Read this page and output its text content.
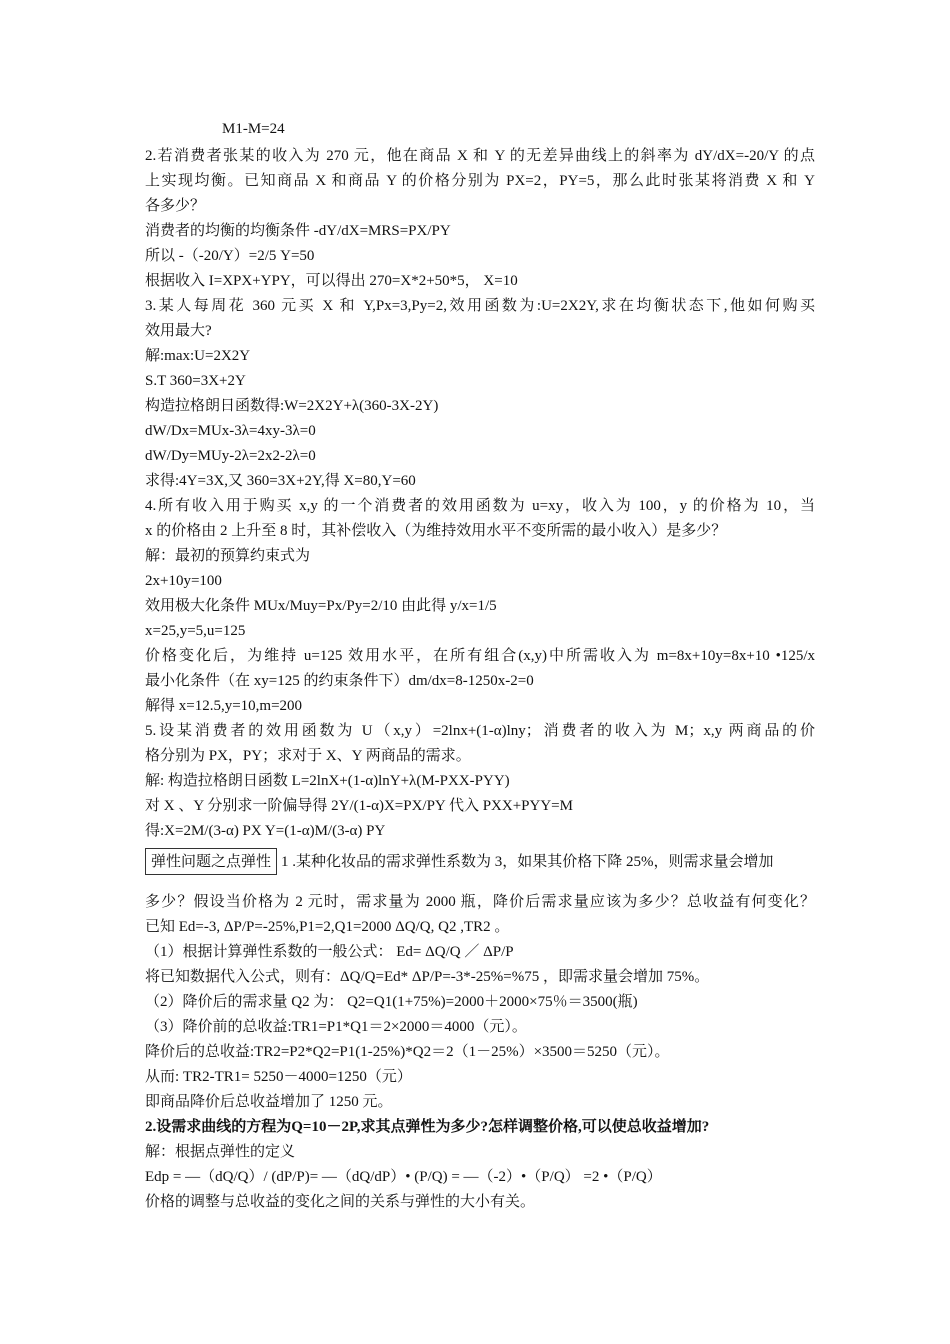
M1-M=24
2.若消费者张某的收入为 270 元，他在商品 X 和 Y 的无差异曲线上的斜率为 dY/dX=-20/Y 的点
上实现均衡。已知商品 X 和商品 Y 的价格分别为 PX=2，PY=5，那么此时张某将消费 X 和 Y
各多少？
消费者的均衡的均衡条件 -dY/dX=MRS=PX/PY
所以 -（-20/Y）=2/5 Y=50
根据收入 I=XPX+YPY，可以得出 270=X*2+50*5， X=10
3.某人每周花 360 元买 X 和 Y,Px=3,Py=2,效用函数为:U=2X2Y,求在均衡状态下,他如何购买
效用最大?
解:max:U=2X2Y
S.T 360=3X+2Y
构造拉格朗日函数得:W=2X2Y+λ(360-3X-2Y)
dW/Dx=MUx-3λ=4xy-3λ=0
dW/Dy=MUy-2λ=2x2-2λ=0
求得:4Y=3X,又 360=3X+2Y,得 X=80,Y=60
4.所有收入用于购买 x,y 的一个消费者的效用函数为 u=xy，收入为 100，y 的价格为 10，当
x 的价格由 2 上升至 8 时，其补偿收入（为维持效用水平不变所需的最小收入）是多少？
解：最初的预算约束式为
2x+10y=100
效用极大化条件 MUx/Muy=Px/Py=2/10 由此得 y/x=1/5
x=25,y=5,u=125
价格变化后，为维持 u=125 效用水平，在所有组合(x,y)中所需收入为 m=8x+10y=8x+10 •125/x
最小化条件（在 xy=125 的约束条件下）dm/dx=8-1250x-2=0
解得 x=12.5,y=10,m=200
5.设某消费者的效用函数为 U（x,y）=2lnx+(1-α)lny；消费者的收入为 M；x,y 两商品的价
格分别为 PX，PY；求对于 X、Y 两商品的需求。
解: 构造拉格朗日函数 L=2lnX+(1-α)lnY+λ(M-PXX-PYY)
对 X 、Y 分别求一阶偏导得 2Y/(1-α)X=PX/PY 代入 PXX+PYY=M
得:X=2M/(3-α) PX Y=(1-α)M/(3-α) PY
弹性问题之点弹性 1 .某种化妆品的需求弹性系数为 3，如果其价格下降 25%，则需求量会增加
多少？假设当价格为 2 元时，需求量为 2000 瓶，降价后需求量应该为多少？总收益有何变化？
已知 Ed=-3, ΔP/P=-25%,P1=2,Q1=2000 ΔQ/Q, Q2 ,TR2 。
（1）根据计算弹性系数的一般公式： Ed= ΔQ/Q ／ ΔP/P
将已知数据代入公式，则有：ΔQ/Q=Ed* ΔP/P=-3*-25%=%75 ，即需求量会增加 75%。
（2）降价后的需求量 Q2 为： Q2=Q1(1+75%)=2000＋2000×75％＝3500(瓶)
（3）降价前的总收益:TR1=P1*Q1＝2×2000＝4000（元）。
降价后的总收益:TR2=P2*Q2=P1(1-25%)*Q2＝2（1－25%）×3500＝5250（元）。
从而: TR2-TR1= 5250－4000=1250（元）
即商品降价后总收益增加了 1250 元。
2.设需求曲线的方程为Q=10－2P,求其点弹性为多少?怎样调整价格,可以使总收益增加?
解：根据点弹性的定义
Edp = —（dQ/Q）/ (dP/P)= —（dQ/dP）• (P/Q) = —（-2）•（P/Q） =2 •（P/Q）
价格的调整与总收益的变化之间的关系与弹性的大小有关。
